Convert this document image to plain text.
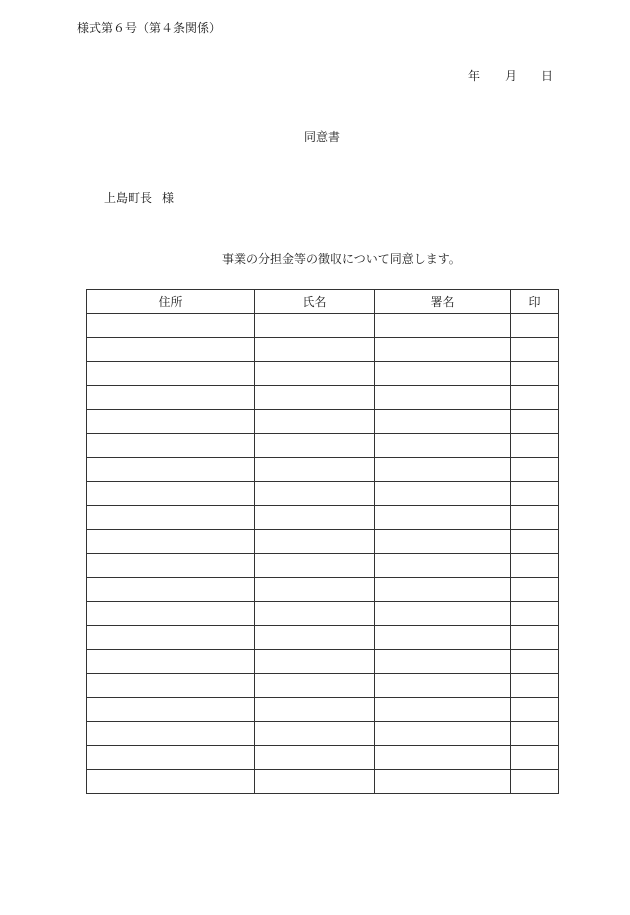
様式第６号（第４条関係）
年 月 日
同意書
上島町長 様
事業の分担金等の徴収について同意します。
住所	氏名	署名	印
